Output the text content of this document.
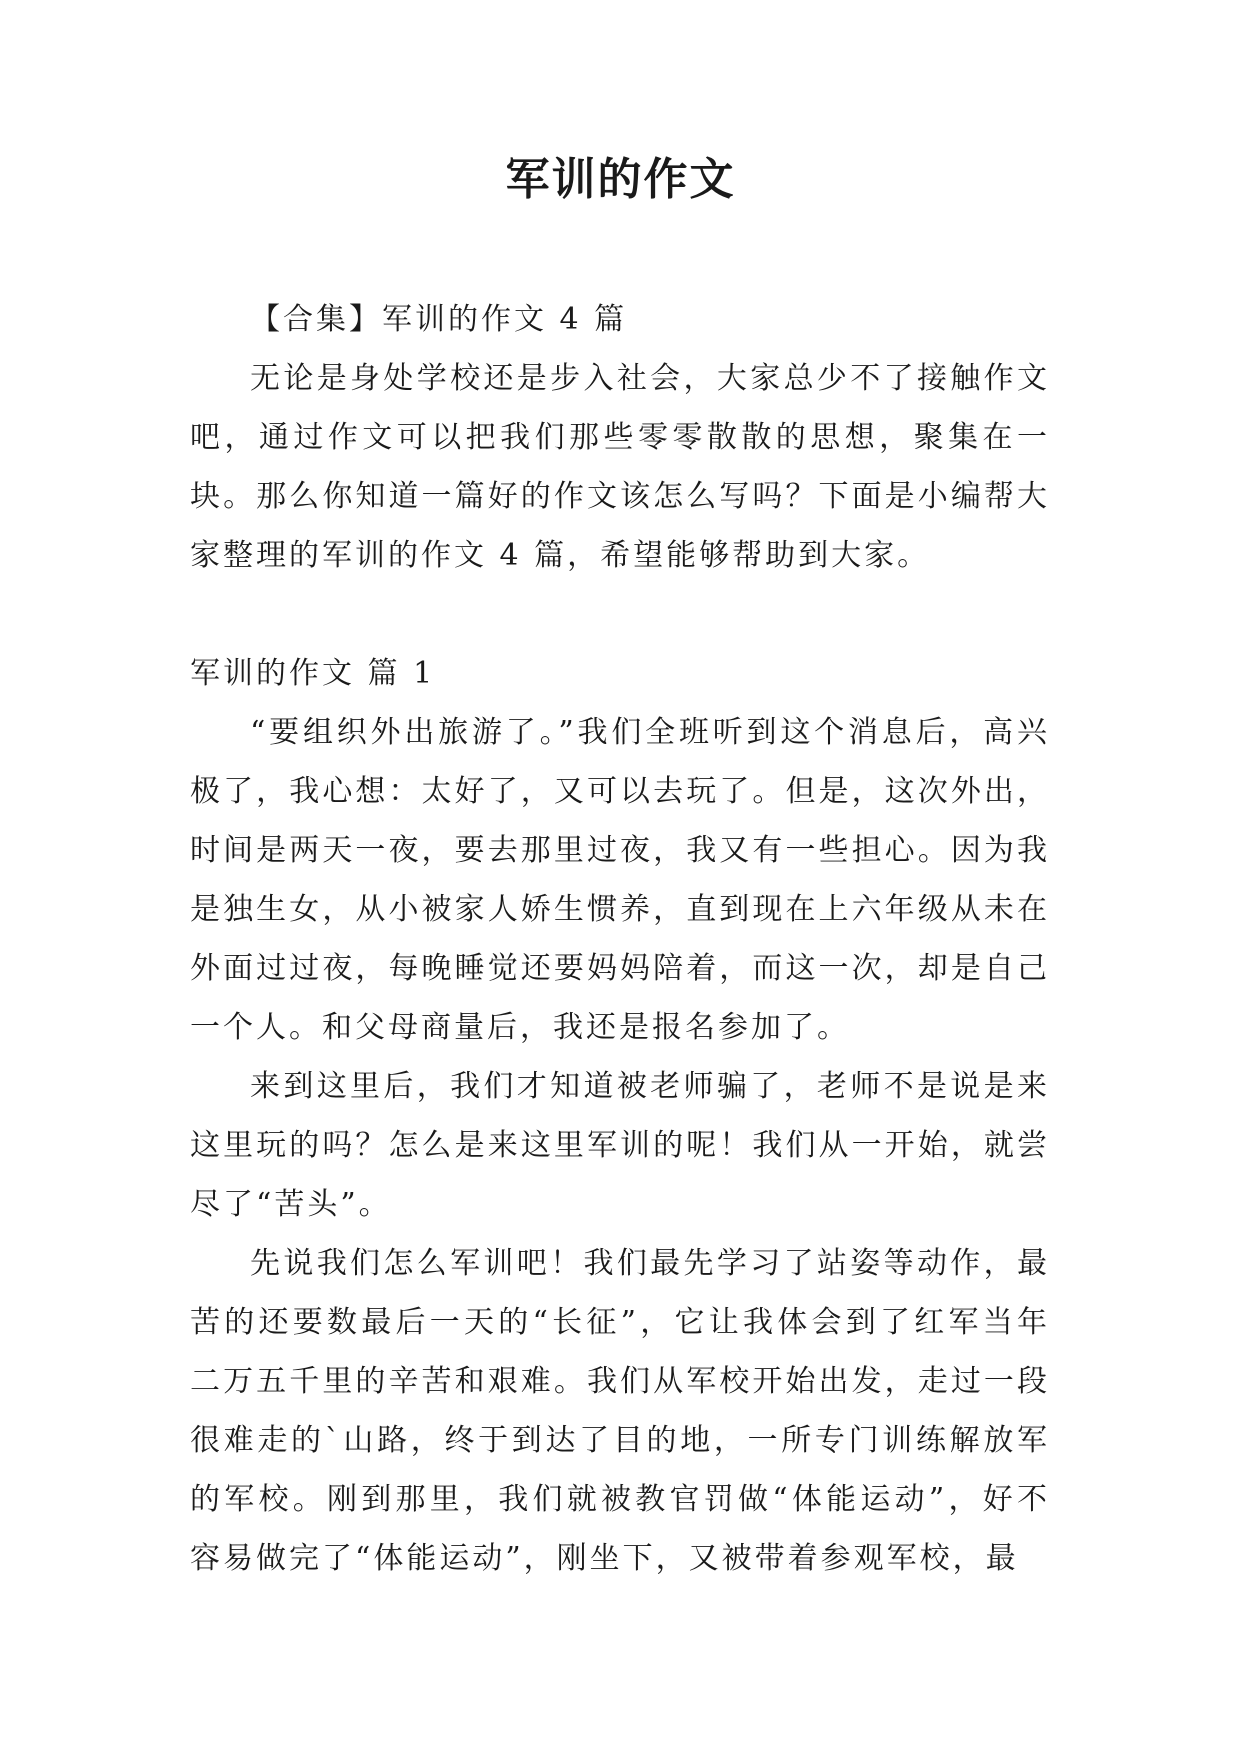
军训的作文

【合集】军训的作文 4 篇

无论是身处学校还是步入社会，大家总少不了接触作文吧，通过作文可以把我们那些零零散散的思想，聚集在一块。那么你知道一篇好的作文该怎么写吗？下面是小编帮大家整理的军训的作文 4 篇，希望能够帮助到大家。

军训的作文 篇 1

“要组织外出旅游了。”我们全班听到这个消息后，高兴极了，我心想：太好了，又可以去玩了。但是，这次外出，时间是两天一夜，要去那里过夜，我又有一些担心。因为我是独生女，从小被家人娇生惯养，直到现在上六年级从未在外面过过夜，每晚睡觉还要妈妈陪着，而这一次，却是自己一个人。和父母商量后，我还是报名参加了。

来到这里后，我们才知道被老师骗了，老师不是说是来这里玩的吗？怎么是来这里军训的呢！我们从一开始，就尝尽了“苦头”。

先说我们怎么军训吧！我们最先学习了站姿等动作，最苦的还要数最后一天的“长征”，它让我体会到了红军当年二万五千里的辛苦和艰难。我们从军校开始出发，走过一段很难走的`山路，终于到达了目的地，一所专门训练解放军的军校。刚到那里，我们就被教官罚做“体能运动”，好不容易做完了“体能运动”，刚坐下，又被带着参观军校，最
